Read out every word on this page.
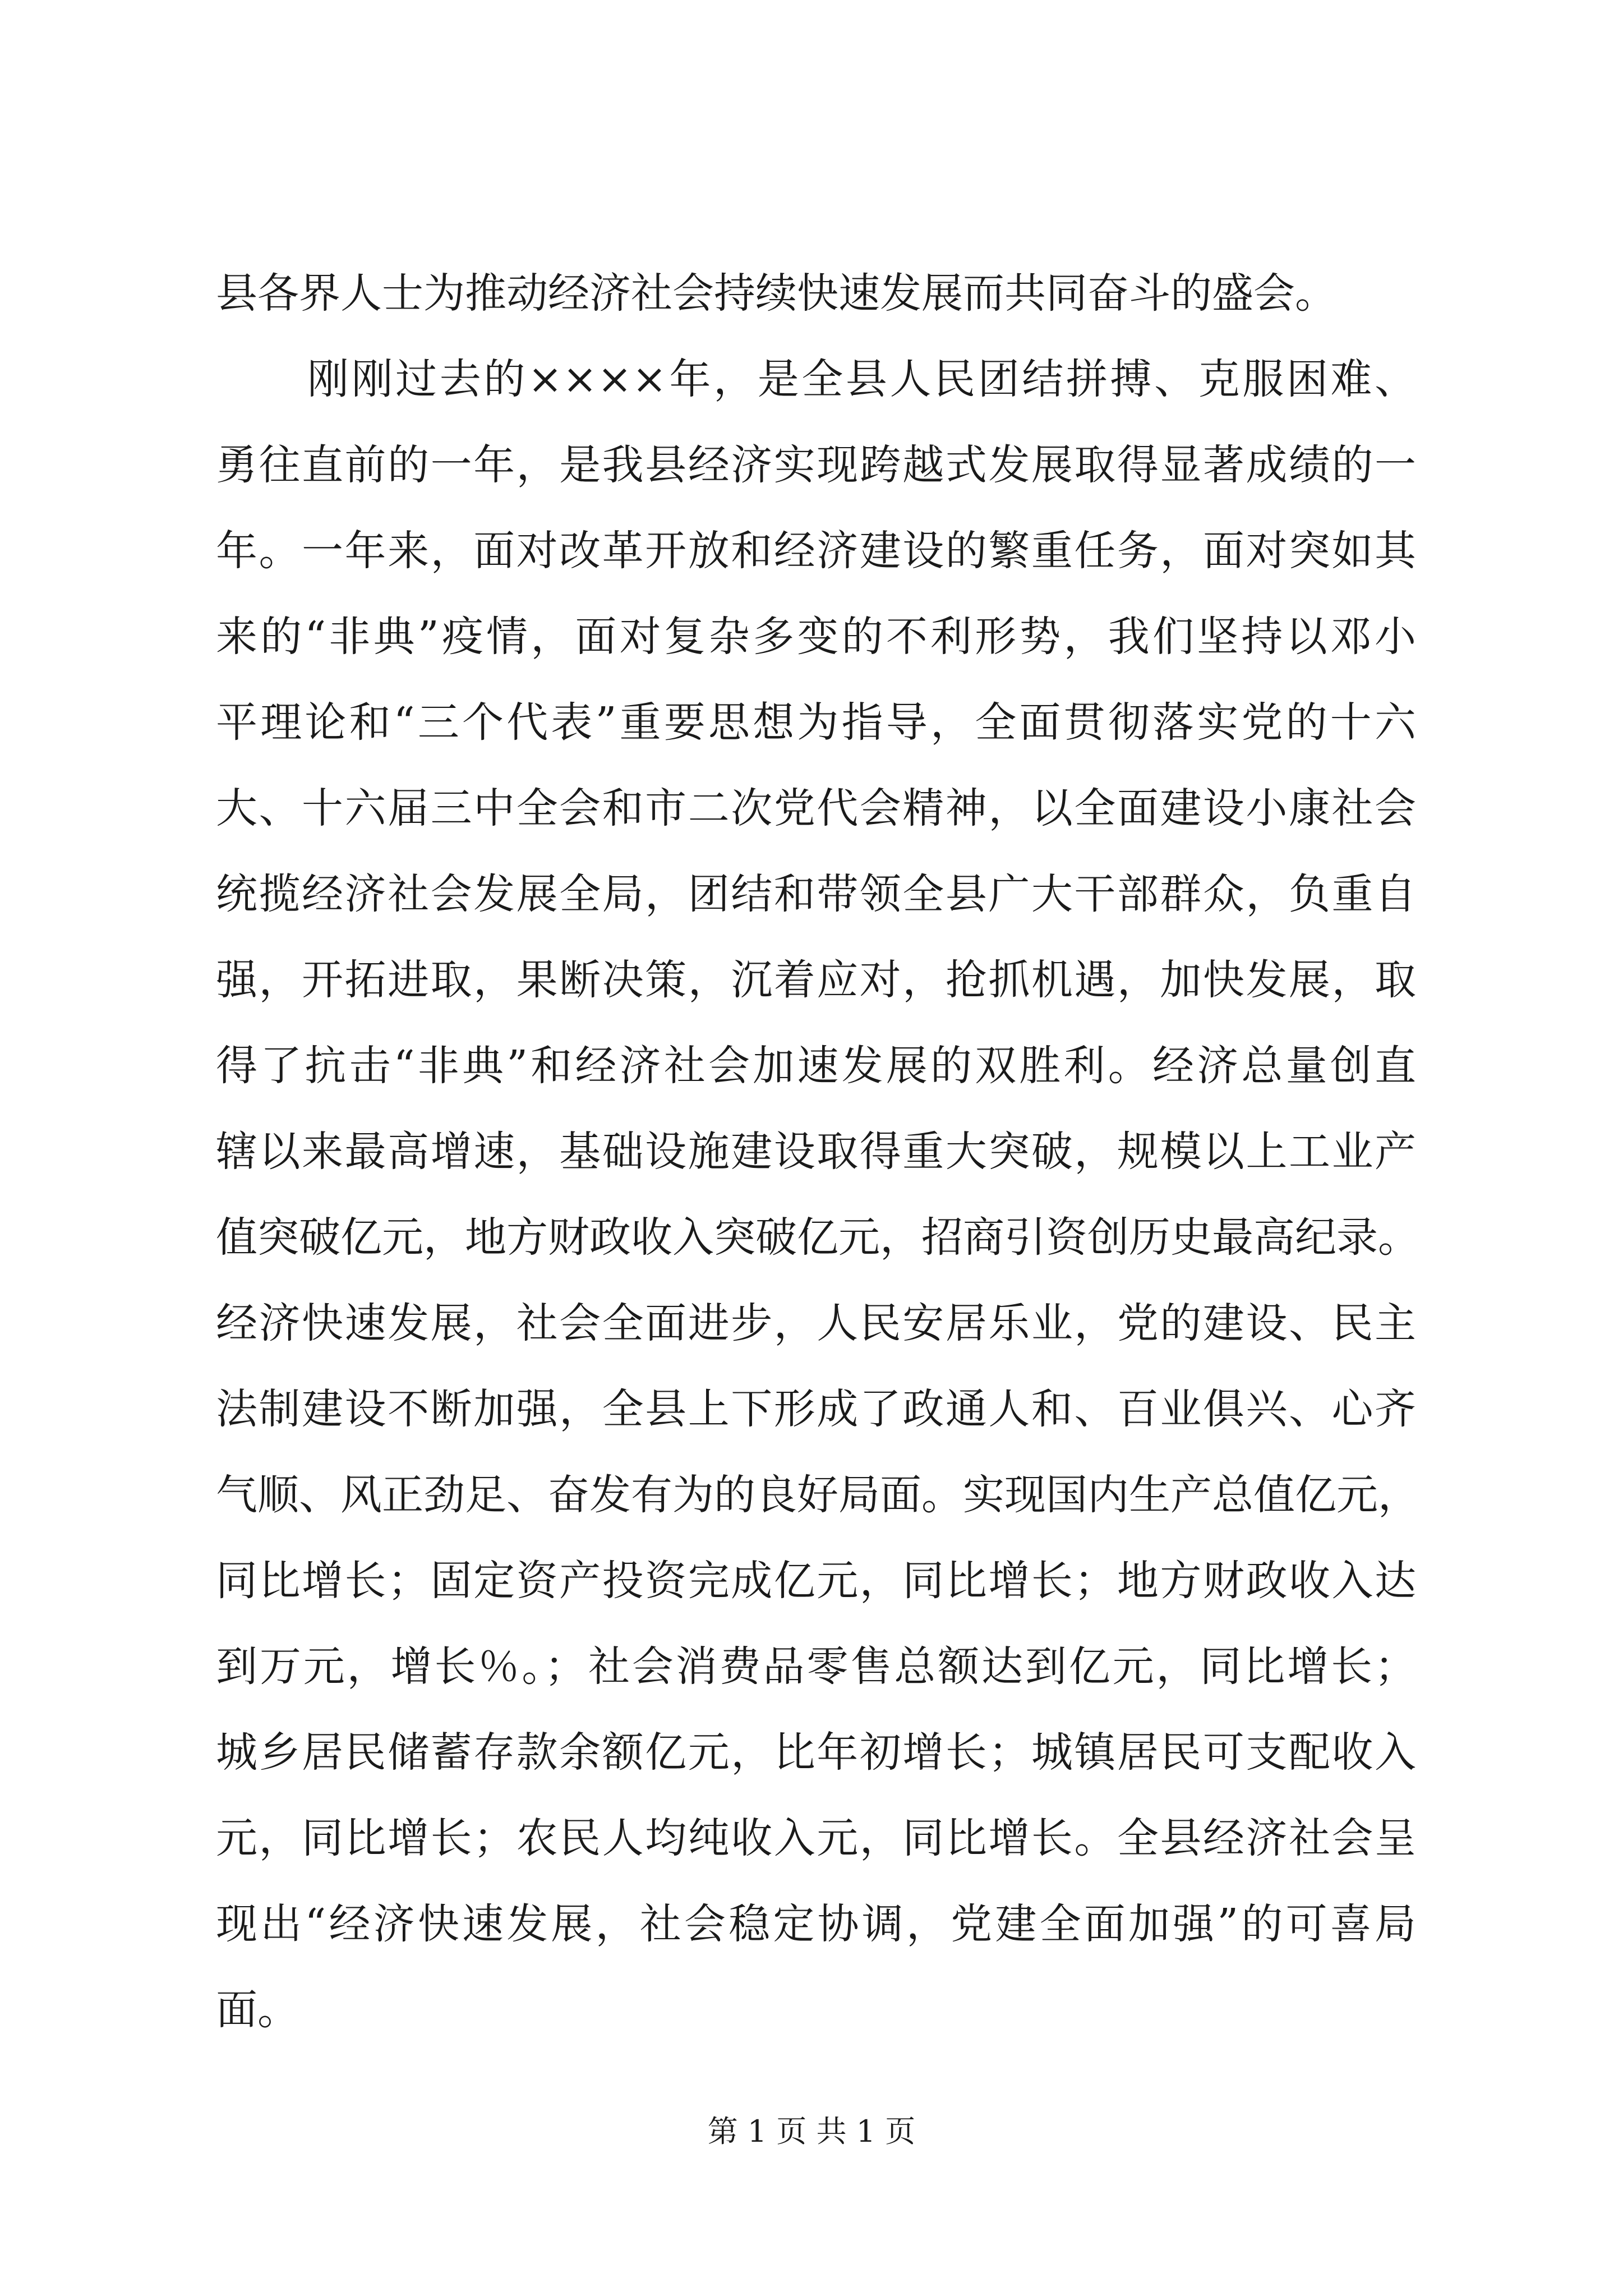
县各界人士为推动经济社会持续快速发展而共同奋斗的盛会。
刚刚过去的××××年，是全县人民团结拼搏、克服困难、
勇往直前的一年，是我县经济实现跨越式发展取得显著成绩的一
年。一年来，面对改革开放和经济建设的繁重任务，面对突如其
来的“非典”疫情，面对复杂多变的不利形势，我们坚持以邓小
平理论和“三个代表”重要思想为指导，全面贯彻落实党的十六
大、十六届三中全会和市二次党代会精神，以全面建设小康社会
统揽经济社会发展全局，团结和带领全县广大干部群众，负重自
强，开拓进取，果断决策，沉着应对，抢抓机遇，加快发展，取
得了抗击“非典”和经济社会加速发展的双胜利。经济总量创直
辖以来最高增速，基础设施建设取得重大突破，规模以上工业产
值突破亿元，地方财政收入突破亿元，招商引资创历史最高纪录。
经济快速发展，社会全面进步，人民安居乐业，党的建设、民主
法制建设不断加强，全县上下形成了政通人和、百业俱兴、心齐
气顺、风正劲足、奋发有为的良好局面。实现国内生产总值亿元，
同比增长；固定资产投资完成亿元，同比增长；地方财政收入达
到万元，增长％。；社会消费品零售总额达到亿元，同比增长；
城乡居民储蓄存款余额亿元，比年初增长；城镇居民可支配收入
元，同比增长；农民人均纯收入元，同比增长。全县经济社会呈
现出“经济快速发展，社会稳定协调，党建全面加强”的可喜局
面。
第 1 页 共 1 页
